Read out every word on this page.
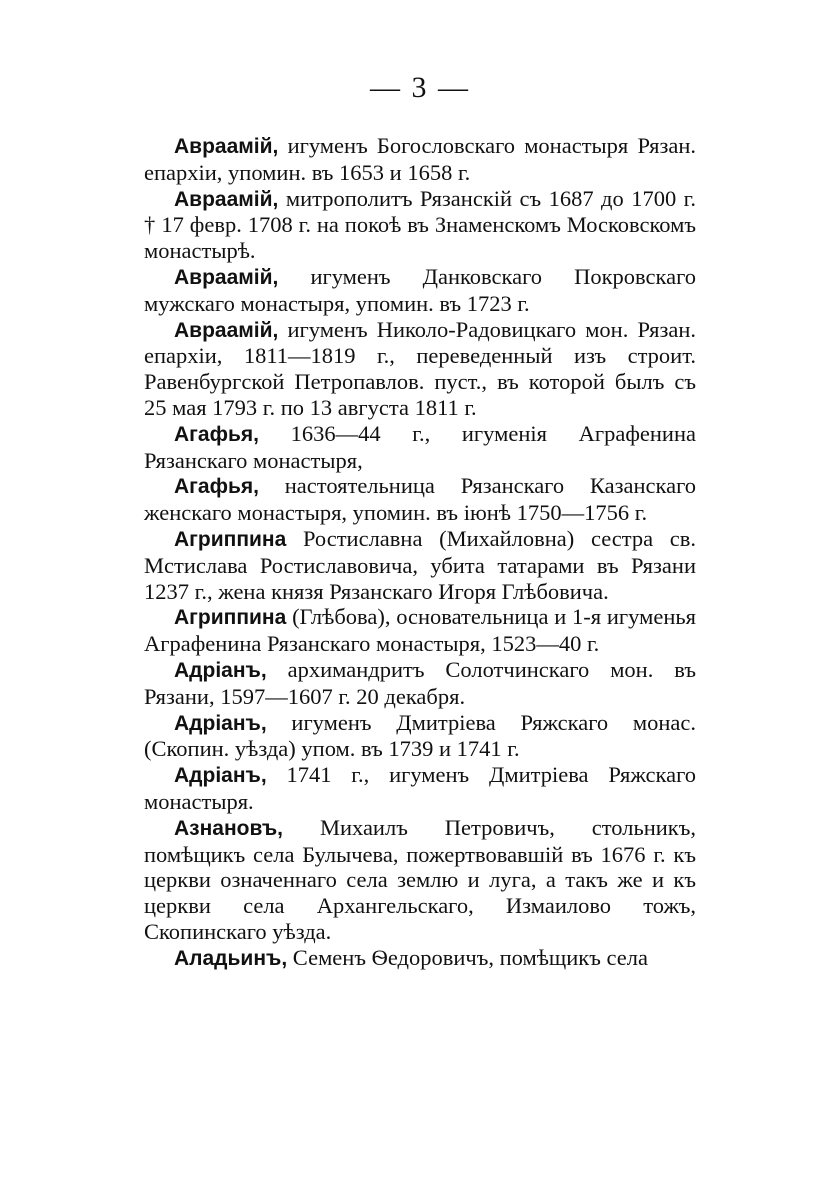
— 3 —

Авраамій, игуменъ Богословскаго монастыря Рязан. епархіи, упомин. въ 1653 и 1658 г.

Авраамій, митрополитъ Рязанскій съ 1687 до 1700 г. † 17 февр. 1708 г. на покоѣ въ Знаменскомъ Московскомъ монастырѣ.

Авраамій, игуменъ Данковскаго Покровскаго мужскаго монастыря, упомин. въ 1723 г.

Авраамій, игуменъ Николо-Радовицкаго мон. Рязан. епархіи, 1811—1819 г., переведенный изъ строит. Равенбургской Петропавлов. пуст., въ которой былъ съ 25 мая 1793 г. по 13 августа 1811 г.

Агафья, 1636—44 г., игуменія Аграфенина Рязанскаго монастыря,

Агафья, настоятельница Рязанскаго Казанскаго женскаго монастыря, упомин. въ іюнѣ 1750—1756 г.

Агриппина Ростиславна (Михайловна) сестра св. Мстислава Ростиславовича, убита татарами въ Рязани 1237 г., жена князя Рязанскаго Игоря Глѣбовича.

Агриппина (Глѣбова), основательница и 1-я игуменья Аграфенина Рязанскаго монастыря, 1523—40 г.

Адріанъ, архимандритъ Солотчинскаго мон. въ Рязани, 1597—1607 г. 20 декабря.

Адріанъ, игуменъ Дмитріева Ряжскаго монас. (Скопин. уѣзда) упом. въ 1739 и 1741 г.

Адріанъ, 1741 г., игуменъ Дмитріева Ряжскаго монастыря.

Азнановъ, Михаилъ Петровичъ, стольникъ, помѣщикъ села Булычева, пожертвовавшій въ 1676 г. къ церкви означеннаго села землю и луга, а такъ же и къ церкви села Архангельскаго, Измаилово тожъ, Скопинскаго уѣзда.

Аладьинъ, Семенъ Ѳедоровичъ, помѣщикъ села
